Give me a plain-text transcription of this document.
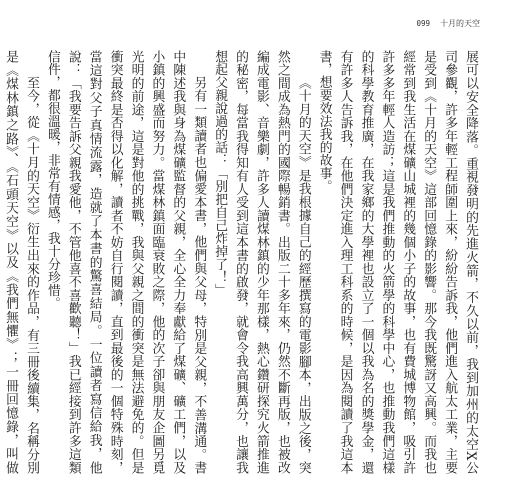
099 十月的天空

展可以安全降落。重視發明的先進火箭，不久以前，我到加州的太空X公司參觀，許多年輕工程師圍上來，紛紛告訴我，他們進入航太工業，主要是受到《十月的天空》這部回憶錄的影響。那今我既驚訝又高興。而我也經常到我生活在煤礦山城裡的幾個小子的故事，也有費城博物館，吸引許許多多年輕人造訪；這是我們推動的火箭學的科學中心，也推動我們這樣的科學教育推廣，在我家鄉的大學裡也設立了一個以我為名的獎學金，還有許多人告訴我，在他們決定進入理工科系的時候，是因為閱讀了我這本書，想要效法我的故事。

《十月的天空》是我根據自己的經歷撰寫的電影腳本，出版之後，突然之間成為熱門的國際暢銷書。出版二十多年來，仍然不斷再版，也被改編成電影、音樂劇，許多人讀煤林鎮的少年那樣，熱心鑽研探究火箭推進的秘密，每當我得知有人受到這本書的啟發，就會令我高興萬分，也讓我想起父親說過的話：「別把自己炸掉了！」

另有一類讀者也偏愛本書，他們與父母，特別是父親，不善溝通。書中陳述我與身為煤礦監督的父親，全心全力奉獻給了煤礦、礦工們，以及小鎮的興盛而努力。當煤林鎮面臨衰敗之際，他的次子卻與朋友企圖另覓光明的前途，這是對他的挑戰，我與父親之間的衝突是無法避免的。但是衝突最終是否得以化解，讀者不妨自行閱讀，直到最後的一個特殊時刻，當這對父子真情流露，造就了本書的驚喜結局。一位讀者寫信給我，他說：「我要告訴父親我愛他，不管他喜不喜歡聽！」我已經接到許多這類信件，都很溫暖，非常有情感，我十分珍惜。

至今，從《十月的天空》衍生出來的作品，有三冊後續集，名稱分別是《煤林鎮之路》、《石頭天空》以及《我們無懼》；一冊回憶錄，叫做
